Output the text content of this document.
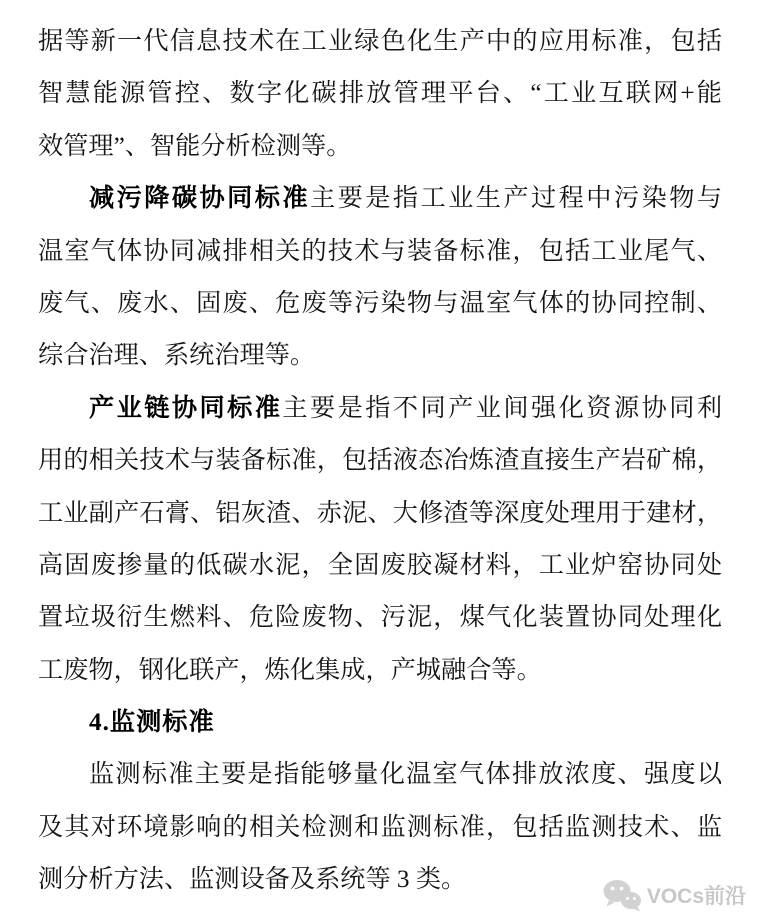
据等新一代信息技术在工业绿色化生产中的应用标准，包括
智慧能源管控、数字化碳排放管理平台、“工业互联网+能
效管理”、智能分析检测等。
减污降碳协同标准主要是指工业生产过程中污染物与
温室气体协同减排相关的技术与装备标准，包括工业尾气、
废气、废水、固废、危废等污染物与温室气体的协同控制、
综合治理、系统治理等。
产业链协同标准主要是指不同产业间强化资源协同利
用的相关技术与装备标准，包括液态冶炼渣直接生产岩矿棉，
工业副产石膏、铝灰渣、赤泥、大修渣等深度处理用于建材，
高固废掺量的低碳水泥，全固废胶凝材料，工业炉窑协同处
置垃圾衍生燃料、危险废物、污泥，煤气化装置协同处理化
工废物，钢化联产，炼化集成，产城融合等。
4.监测标准
监测标准主要是指能够量化温室气体排放浓度、强度以
及其对环境影响的相关检测和监测标准，包括监测技术、监
测分析方法、监测设备及系统等 3 类。
VOCs前沿
